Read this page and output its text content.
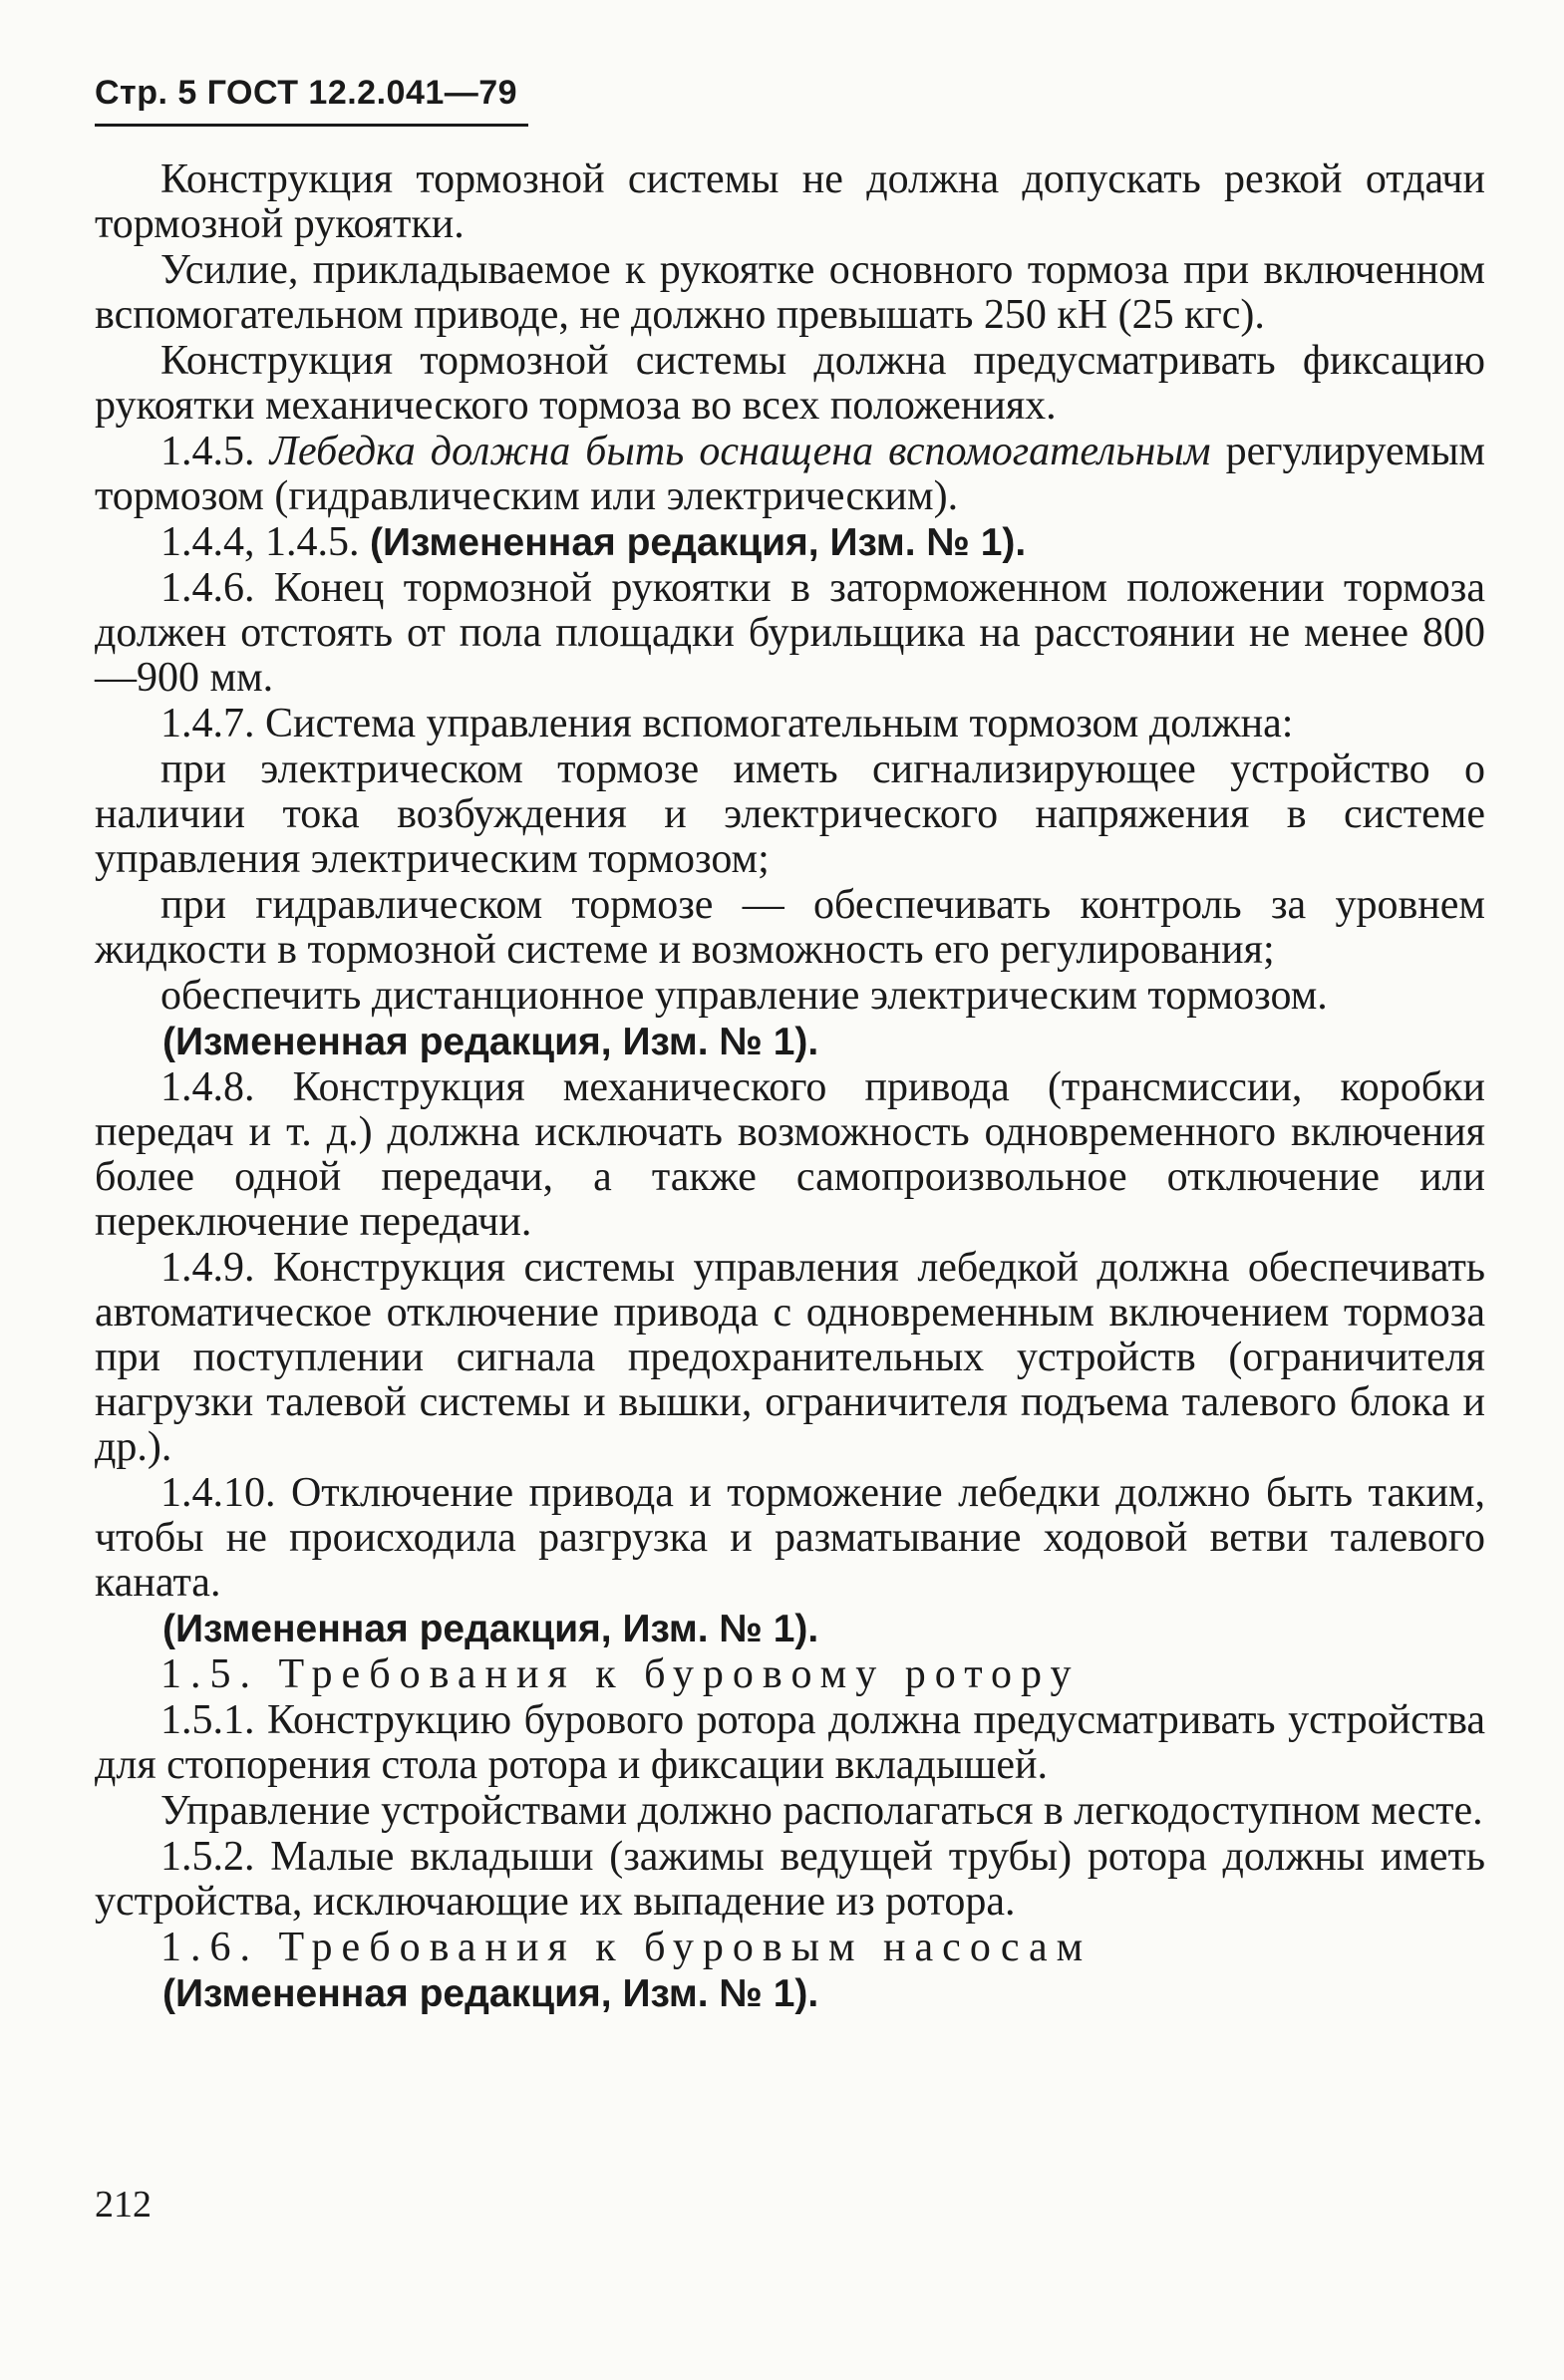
Стр. 5 ГОСТ 12.2.041—79

Конструкция тормозной системы не должна допускать резкой отдачи тормозной рукоятки.

Усилие, прикладываемое к рукоятке основного тормоза при включенном вспомогательном приводе, не должно превышать 250 кН (25 кгс).

Конструкция тормозной системы должна предусматривать фиксацию рукоятки механического тормоза во всех положениях.

1.4.5. Лебедка должна быть оснащена вспомогательным регулируемым тормозом (гидравлическим или электрическим).

1.4.4, 1.4.5. (Измененная редакция, Изм. № 1).

1.4.6. Конец тормозной рукоятки в заторможенном положении тормоза должен отстоять от пола площадки бурильщика на расстоянии не менее 800—900 мм.

1.4.7. Система управления вспомогательным тормозом должна:

при электрическом тормозе иметь сигнализирующее устройство о наличии тока возбуждения и электрического напряжения в системе управления электрическим тормозом;

при гидравлическом тормозе — обеспечивать контроль за уровнем жидкости в тормозной системе и возможность его регулирования;

обеспечить дистанционное управление электрическим тормозом.

(Измененная редакция, Изм. № 1).

1.4.8. Конструкция механического привода (трансмиссии, коробки передач и т. д.) должна исключать возможность одновременного включения более одной передачи, а также самопроизвольное отключение или переключение передачи.

1.4.9. Конструкция системы управления лебедкой должна обеспечивать автоматическое отключение привода с одновременным включением тормоза при поступлении сигнала предохранительных устройств (ограничителя нагрузки талевой системы и вышки, ограничителя подъема талевого блока и др.).

1.4.10. Отключение привода и торможение лебедки должно быть таким, чтобы не происходила разгрузка и разматывание ходовой ветви талевого каната.

(Измененная редакция, Изм. № 1).

1.5. Требования к буровому ротору

1.5.1. Конструкцию бурового ротора должна предусматривать устройства для стопорения стола ротора и фиксации вкладышей.

Управление устройствами должно располагаться в легкодоступном месте.

1.5.2. Малые вкладыши (зажимы ведущей трубы) ротора должны иметь устройства, исключающие их выпадение из ротора.

1.6. Требования к буровым насосам

(Измененная редакция, Изм. № 1).

212
